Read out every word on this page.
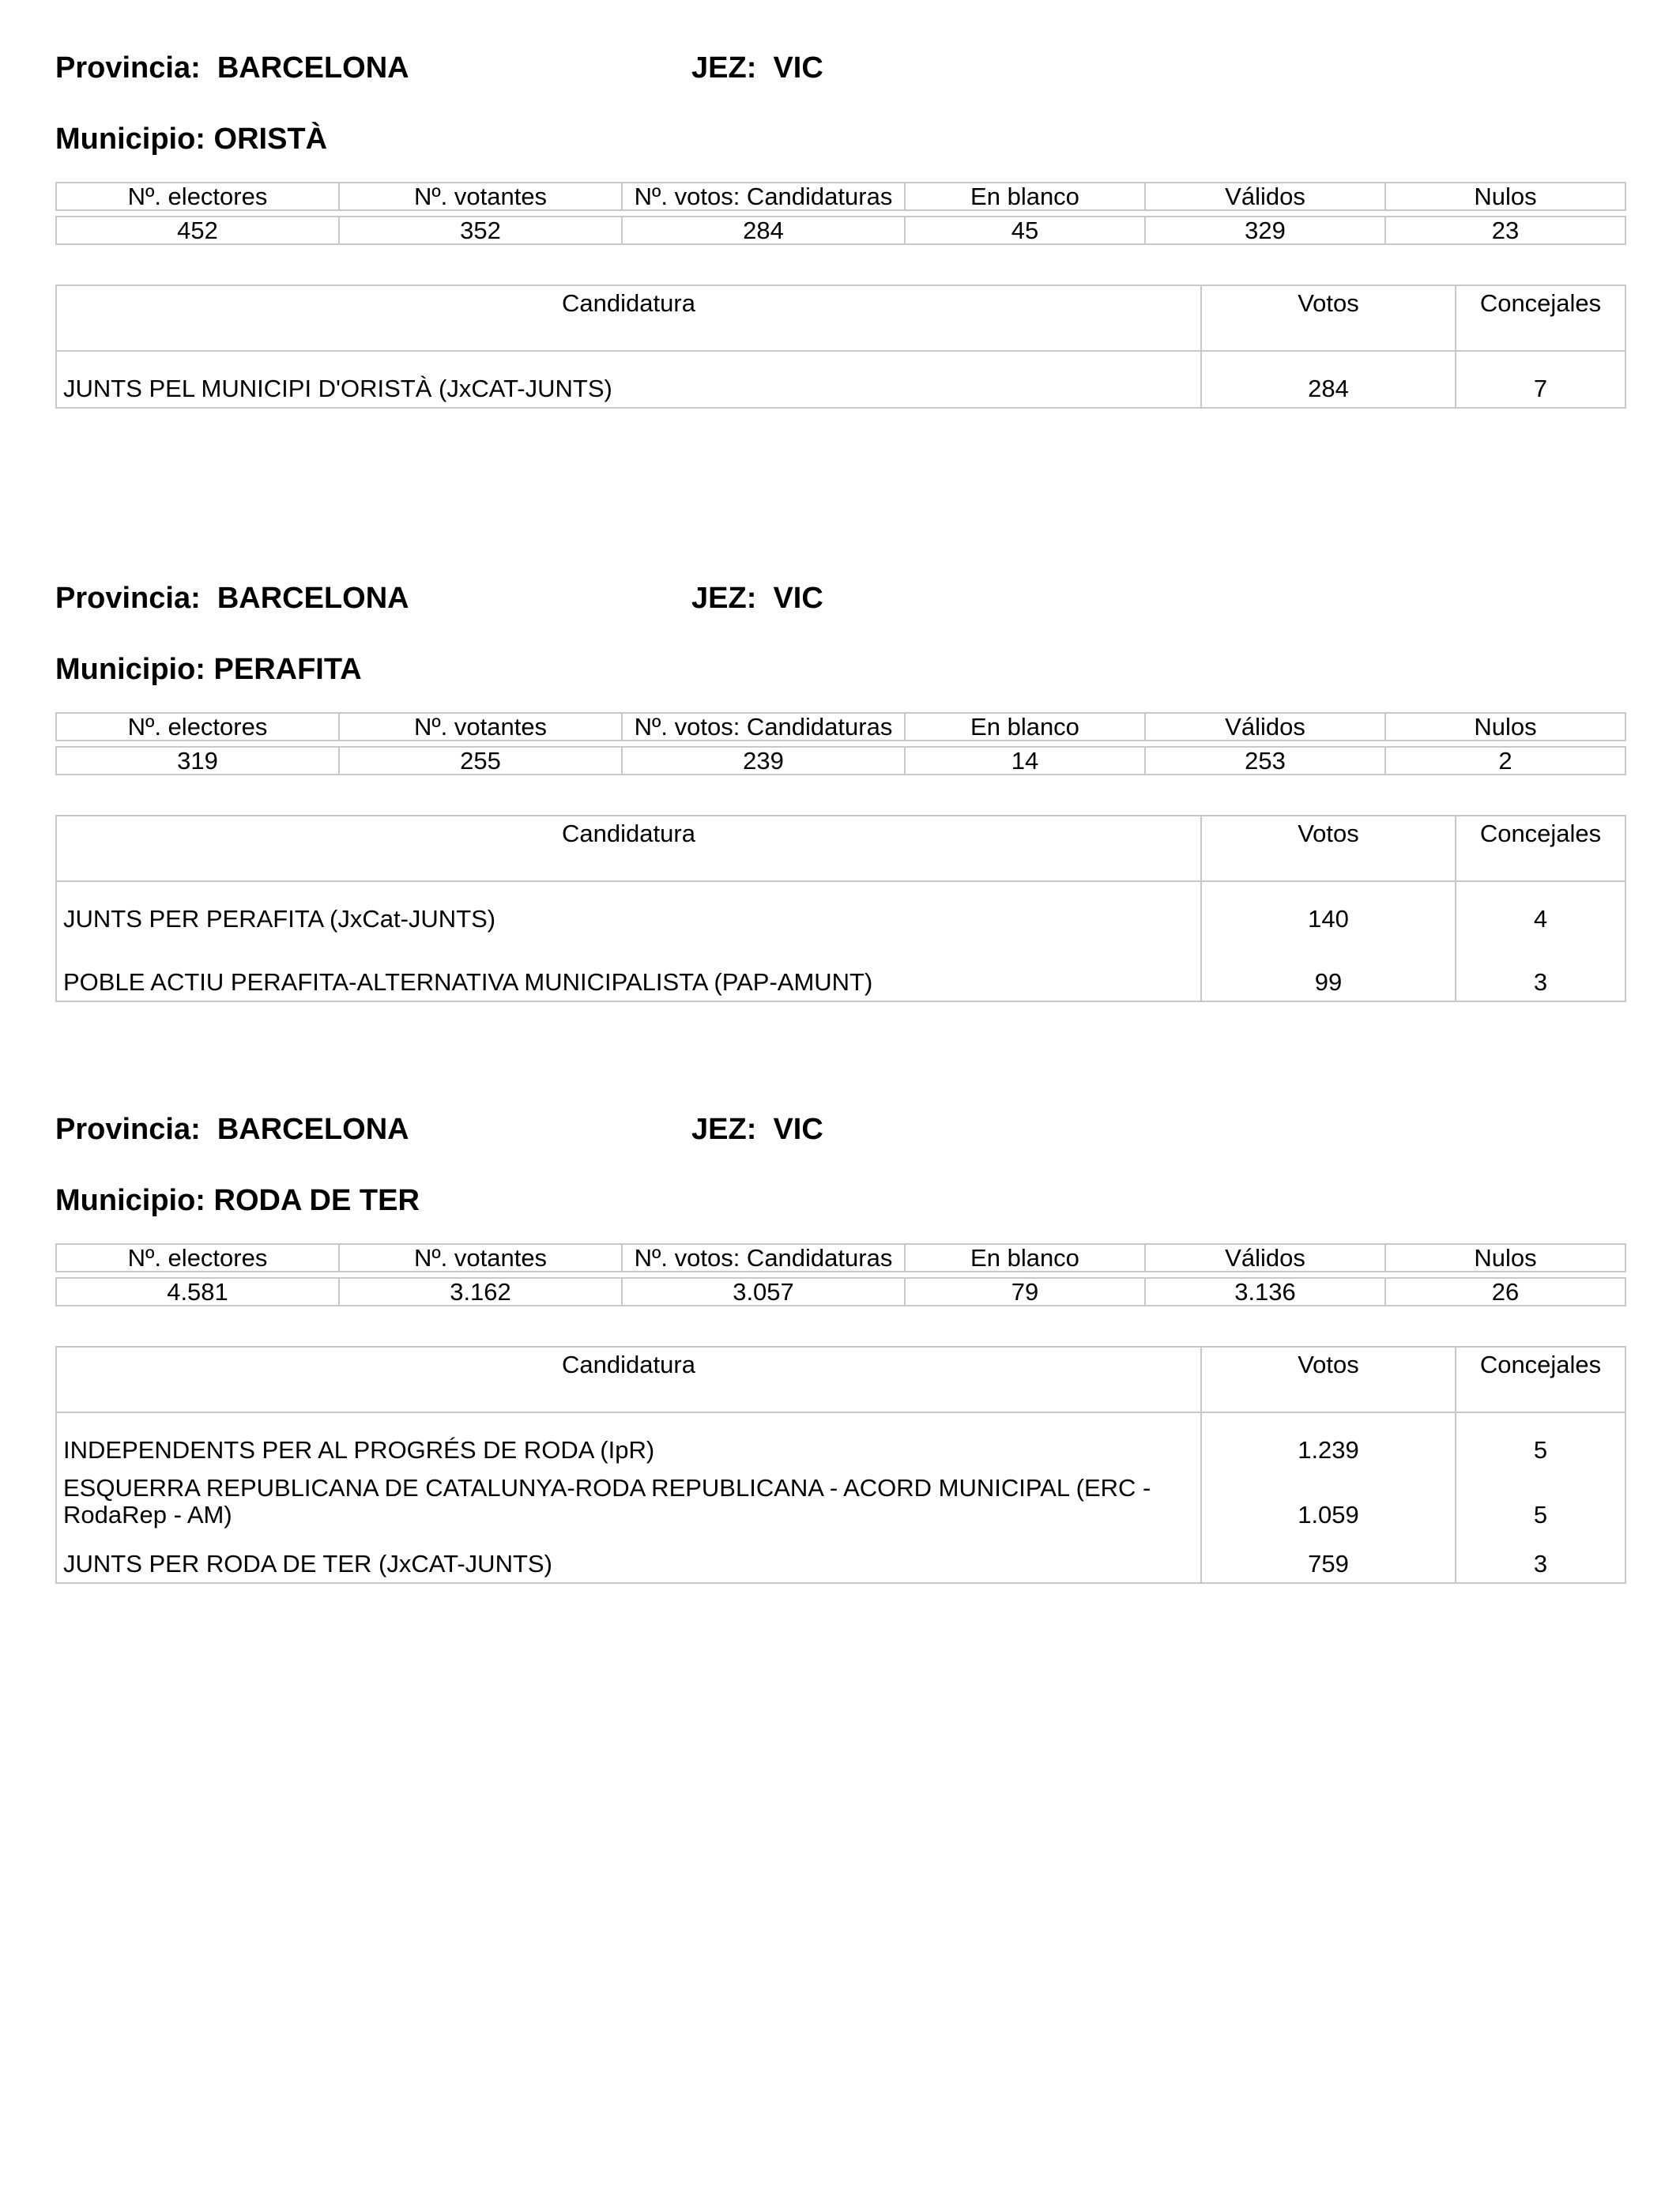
Provincia:  BARCELONA	JEZ:  VIC
Municipio: ORISTÀ
Nº. electores	Nº. votantes	Nº. votos: Candidaturas	En blanco	Válidos	Nulos

452	352	284	45	329	23
Candidatura	Votos	Concejales
JUNTS PEL MUNICIPI D'ORISTÀ (JxCAT-JUNTS)	284	7
Provincia:  BARCELONA	JEZ:  VIC
Municipio: PERAFITA
Nº. electores	Nº. votantes	Nº. votos: Candidaturas	En blanco	Válidos	Nulos

319	255	239	14	253	2
Candidatura	Votos	Concejales
JUNTS PER PERAFITA (JxCat-JUNTS)	140	4
POBLE ACTIU PERAFITA-ALTERNATIVA MUNICIPALISTA (PAP-AMUNT)	99	3
Provincia:  BARCELONA	JEZ:  VIC
Municipio: RODA DE TER
Nº. electores	Nº. votantes	Nº. votos: Candidaturas	En blanco	Válidos	Nulos

4.581	3.162	3.057	79	3.136	26
Candidatura	Votos	Concejales
INDEPENDENTS PER AL PROGRÉS DE RODA (IpR)	1.239	5
ESQUERRA REPUBLICANA DE CATALUNYA-RODA REPUBLICANA - ACORD MUNICIPAL (ERC - RodaRep - AM)	1.059	5
JUNTS PER RODA DE TER (JxCAT-JUNTS)	759	3
